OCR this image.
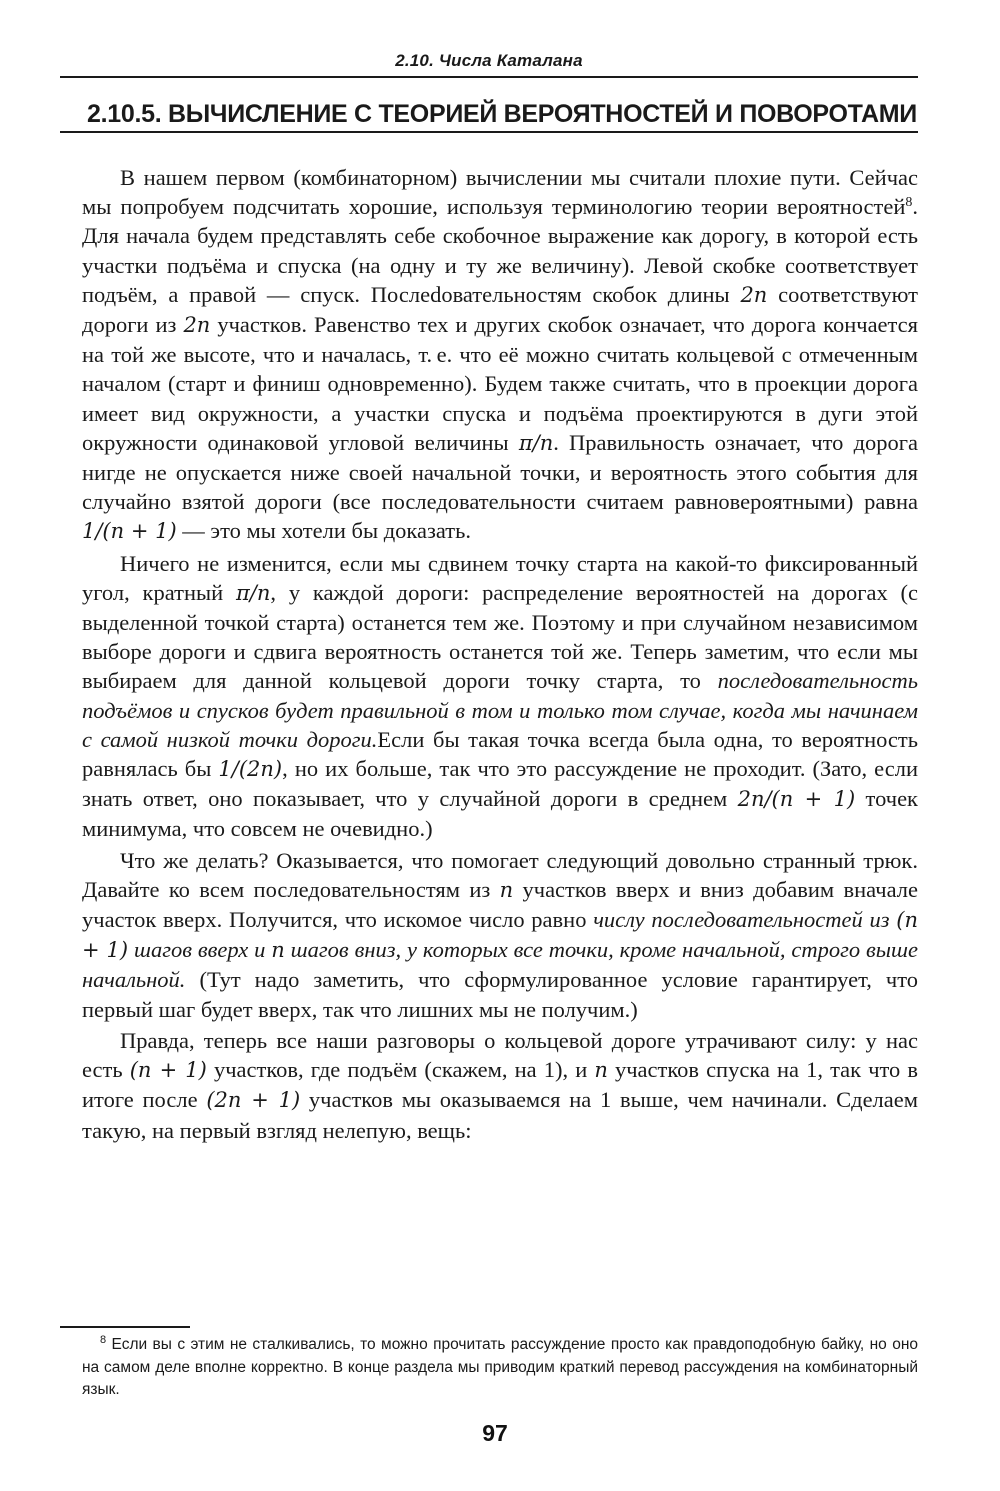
2.10. Числа Каталана
2.10.5. ВЫЧИСЛЕНИЕ С ТЕОРИЕЙ ВЕРОЯТНОСТЕЙ И ПОВОРОТАМИ

В нашем первом (комбинаторном) вычислении мы считали плохие пути. Сейчас мы попробуем подсчитать хорошие, используя терминологию теории вероятностей$^8$. Для начала будем представлять себе скобочное выражение как дорогу, в которой есть участки подъёма и спуска (на одну и ту же величину). Левой скобке соответствует подъём, а правой — спуск. Послеdовательностям скобок длины 2n соответствуют дороги из 2n участков. Равенство тех и других скобок означает, что дорога кончается на той же высоте, что и началась, т. е. что её можно считать кольцевой с отмеченным началом (старт и финиш одновременно). Будем также считать, что в проекции дорога имеет вид окружности, а участки спуска и подъёма проектируются в дуги этой окружности одинаковой угловой величины π/n. Правильность означает, что дорога нигде не опускается ниже своей начальной точки, и вероятность этого события для случайно взятой дороги (все последовательности считаем равновероятными) равна 1/(n + 1) — это мы хотели бы доказать.

Ничего не изменится, если мы сдвинем точку старта на какой-то фиксированный угол, кратный π/n, у каждой дороги: распределение вероятностей на дорогах (с выделенной точкой старта) останется тем же. Поэтому и при случайном независимом выборе дороги и сдвига вероятность останется той же. Теперь заметим, что если мы выбираем для данной кольцевой дороги точку старта, то последовательность подъёмов и спусков будет правильной в том и только том случае, когда мы начинаем с самой низкой точки дороги.Если бы такая точка всегда была одна, то вероятность равнялась бы 1/(2n), но их больше, так что это рассуждение не проходит. (Зато, если знать ответ, оно показывает, что у случайной дороги в среднем 2n/(n + 1) точек минимума, что совсем не очевидно.)

Что же делать? Оказывается, что помогает следующий довольно странный трюк. Давайте ко всем последовательностям из n участков вверх и вниз добавим вначале участок вверх. Получится, что искомое число равно числу последовательностей из (n + 1) шагов вверх и n шагов вниз, у которых все точки, кроме начальной, строго выше начальной. (Тут надо заметить, что сформулированное условие гарантирует, что первый шаг будет вверх, так что лишних мы не получим.)

Правда, теперь все наши разговоры о кольцевой дороге утрачивают силу: у нас есть (n + 1) участков, где подъём (скажем, на 1), и n участков спуска на 1, так что в итоге после (2n + 1) участков мы оказываемся на 1 выше, чем начинали. Сделаем такую, на первый взгляд нелепую, вещь:

$^8$ Если вы с этим не сталкивались, то можно прочитать рассуждение просто как правдоподобную байку, но оно на самом деле вполне корректно. В конце раздела мы приводим краткий перевод рассуждения на комбинаторный язык.

97
